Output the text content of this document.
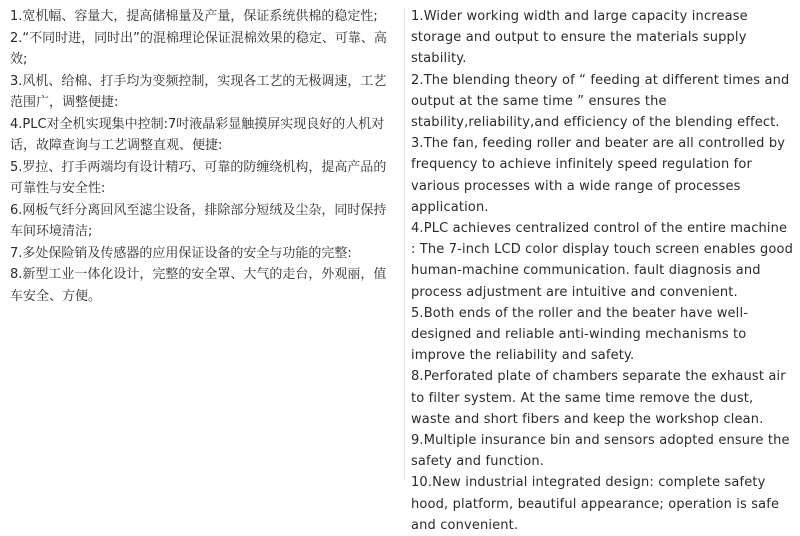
1.宽机幅、容量大，提高储棉量及产量，保证系统供棉的稳定性;

2.“不同时进，同时出”的混棉理论保证混棉效果的稳定、可靠、高效;

3.风机、给棉、打手均为变频控制，实现各工艺的无极调速，工艺范围广，调整便捷:

4.PLC对全机实现集中控制:7吋液晶彩显触摸屏实现良好的人机对话，故障查询与工艺调整直观、便捷:

5.罗拉、打手两端均有设计精巧、可靠的防缠绕机构，提高产品的可靠性与安全性:

6.网板气纤分离回风至滤尘设备，排除部分短绒及尘杂，同时保持车间环境清洁;

7.多处保险销及传感器的应用保证设备的安全与功能的完整:

8.新型工业一体化设计，完整的安全罩、大气的走台，外观丽，值车安全、方便。

1.Wider working width and large capacity increase storage and output to ensure the materials supply stability.

2.The blending theory of “ feeding at different times and output at the same time ” ensures the stability,reliability,and efficiency of the blending effect.

3.The fan, feeding roller and beater are all controlled by frequency to achieve infinitely speed regulation for various processes with a wide range of processes application.

4.PLC achieves centralized control of the entire machine : The 7-inch LCD color display touch screen enables good human-machine communication. fault diagnosis and process adjustment are intuitive and convenient.

5.Both ends of the roller and the beater have well-designed and reliable anti-winding mechanisms to improve the reliability and safety.

8.Perforated plate of chambers separate the exhaust air to filter system. At the same time remove the dust, waste and short fibers and keep the workshop clean.

9.Multiple insurance bin and sensors adopted ensure the safety and function.

10.New industrial integrated design: complete safety hood, platform, beautiful appearance; operation is safe and convenient.
